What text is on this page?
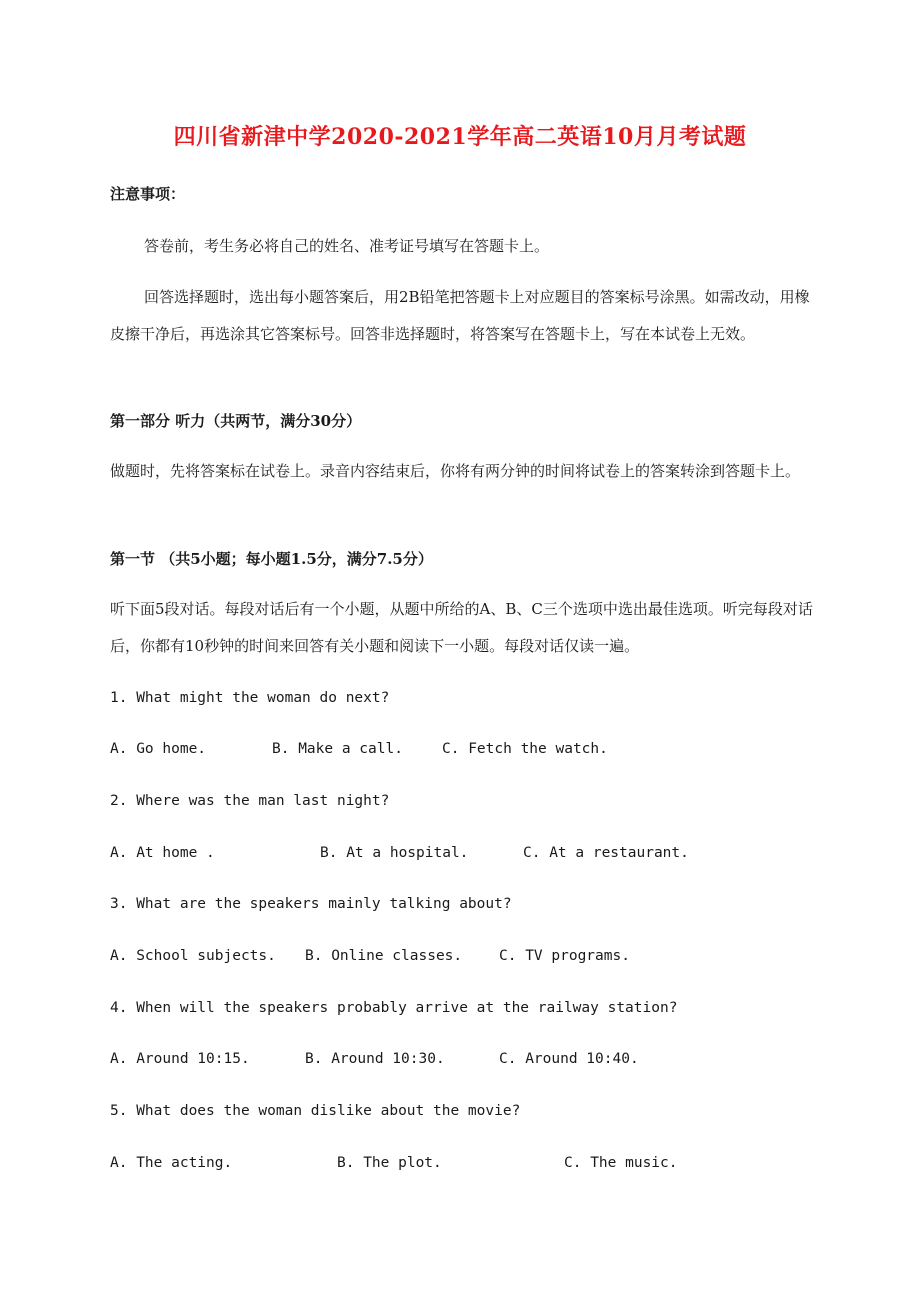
四川省新津中学2020-2021学年高二英语10月月考试题
注意事项：
答卷前，考生务必将自己的姓名、准考证号填写在答题卡上。
回答选择题时，选出每小题答案后，用2B铅笔把答题卡上对应题目的答案标号涂黑。如需改动，用橡皮擦干净后，再选涂其它答案标号。回答非选择题时，将答案写在答题卡上，写在本试卷上无效。
第一部分 听力（共两节，满分30分）
做题时，先将答案标在试卷上。录音内容结束后，你将有两分钟的时间将试卷上的答案转涂到答题卡上。
第一节 （共5小题；每小题1.5分，满分7.5分）
听下面5段对话。每段对话后有一个小题，从题中所给的A、B、C三个选项中选出最佳选项。听完每段对话后，你都有10秒钟的时间来回答有关小题和阅读下一小题。每段对话仅读一遍。
1. What might the woman do next?
A. Go home.	B. Make a call.	C. Fetch the watch.
2. Where was the man last night?
A. At home .	B. At a hospital.	C. At a restaurant.
3. What are the speakers mainly talking about?
A. School subjects. B. Online classes.	C. TV programs.
4. When will the speakers probably arrive at the railway station?
A. Around 10:15.	B. Around 10:30.	C. Around 10:40.
5. What does the woman dislike about the movie?
A. The acting.	B. The plot.	C. The music.
